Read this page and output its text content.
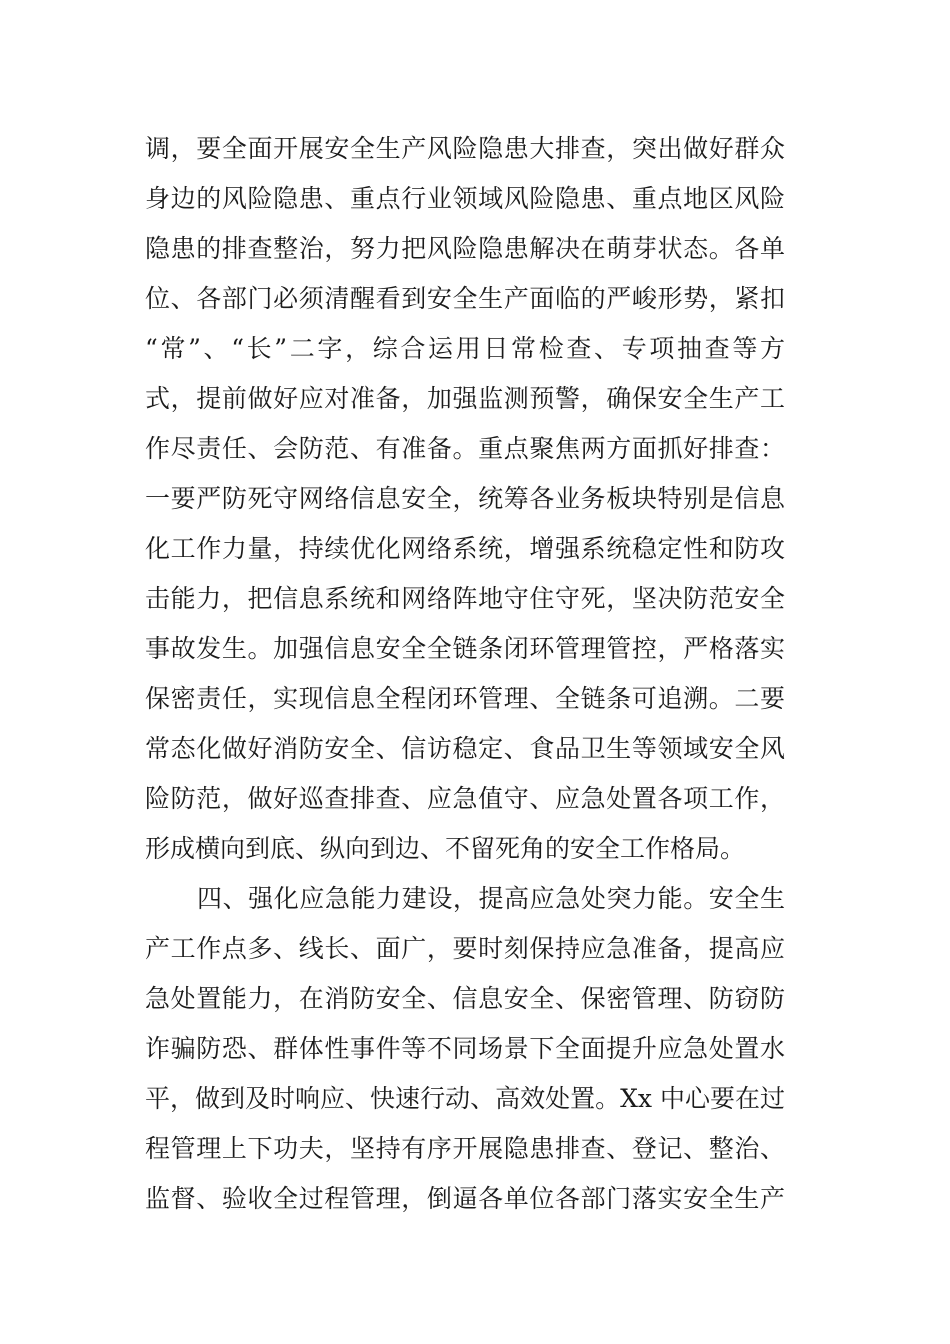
调，要全面开展安全生产风险隐患大排查，突出做好群众
身边的风险隐患、重点行业领域风险隐患、重点地区风险
隐患的排查整治，努力把风险隐患解决在萌芽状态。各单
位、各部门必须清醒看到安全生产面临的严峻形势，紧扣
“常”、“长”二字，综合运用日常检查、专项抽查等方
式，提前做好应对准备，加强监测预警，确保安全生产工
作尽责任、会防范、有准备。重点聚焦两方面抓好排查：
一要严防死守网络信息安全，统筹各业务板块特别是信息
化工作力量，持续优化网络系统，增强系统稳定性和防攻
击能力，把信息系统和网络阵地守住守死，坚决防范安全
事故发生。加强信息安全全链条闭环管理管控，严格落实
保密责任，实现信息全程闭环管理、全链条可追溯。二要
常态化做好消防安全、信访稳定、食品卫生等领域安全风
险防范，做好巡查排查、应急值守、应急处置各项工作，
形成横向到底、纵向到边、不留死角的安全工作格局。
四、强化应急能力建设，提高应急处突力能。安全生
产工作点多、线长、面广，要时刻保持应急准备，提高应
急处置能力，在消防安全、信息安全、保密管理、防窃防
诈骗防恐、群体性事件等不同场景下全面提升应急处置水
平，做到及时响应、快速行动、高效处置。Xx 中心要在过
程管理上下功夫，坚持有序开展隐患排查、登记、整治、
监督、验收全过程管理，倒逼各单位各部门落实安全生产
